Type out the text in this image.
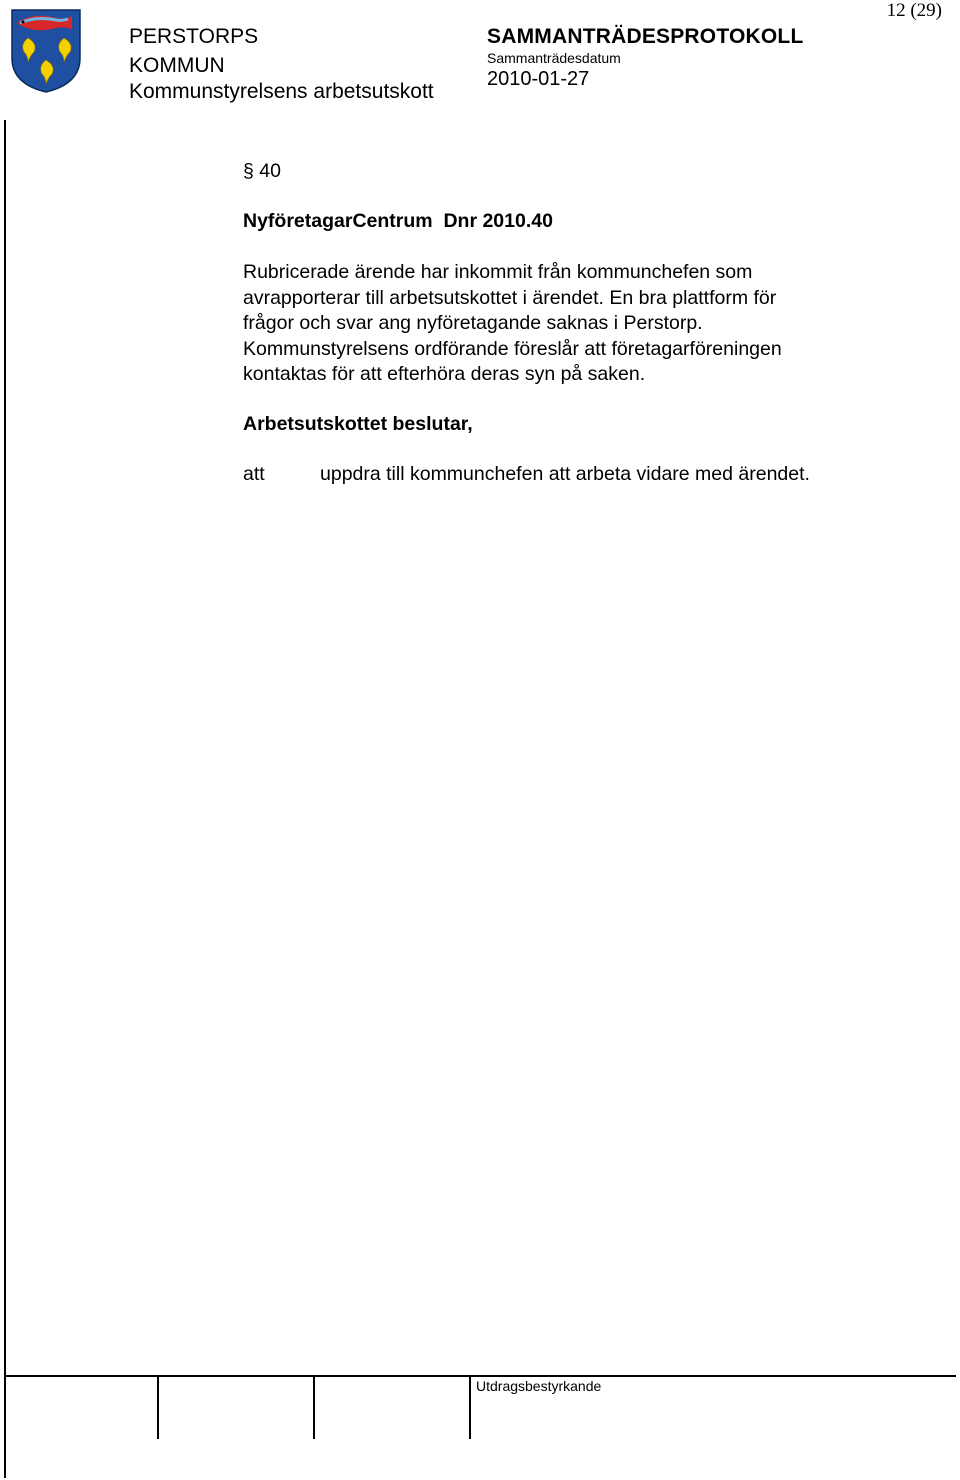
PERSTORPS
KOMMUN
Kommunstyrelsens arbetsutskott
SAMMANTRÄDESPROTOKOLL
Sammanträdesdatum
2010-01-27
12 (29)
§ 40
NyföretagarCentrum  Dnr 2010.40
Rubricerade ärende har inkommit från kommunchefen som
avrapporterar till arbetsutskottet i ärendet. En bra plattform för
frågor och svar ang nyföretagande saknas i Perstorp.
Kommunstyrelsens ordförande föreslår att företagarföreningen
kontaktas för att efterhöra deras syn på saken.
Arbetsutskottet beslutar,
att	uppdra till kommunchefen att arbeta vidare med ärendet.
Utdragsbestyrkande
